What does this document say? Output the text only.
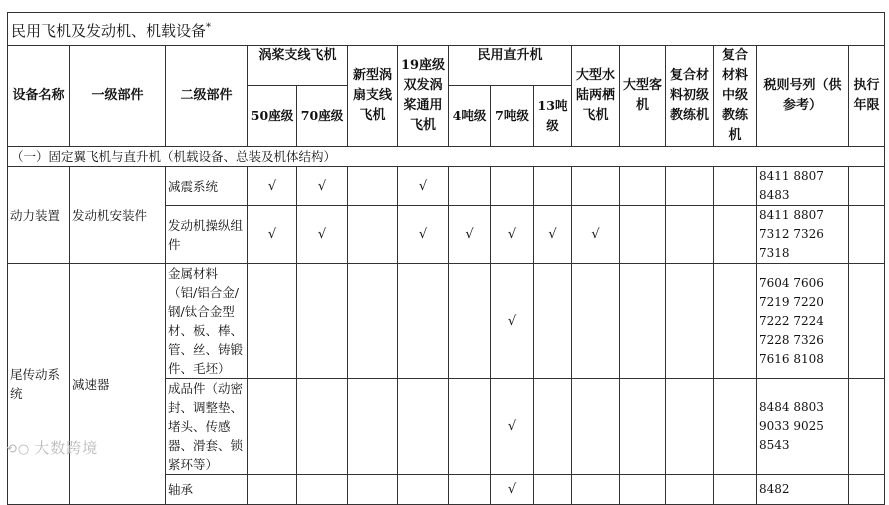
民用飞机及发动机、机载设备*
设备名称	一级部件	二级部件	涡桨支线飞机		新型涡扇支线飞机	19座级双发涡桨通用飞机	民用直升机			大型水陆两栖飞机	大型客机	复合材料初级教练机	复合材料中级教练机	税则号列（供参考）	执行年限
			50座级	70座级			4吨级	7吨级	13吨级						
（一）固定翼飞机与直升机（机载设备、总装及机体结构）															
动力装置	发动机安装件	减震系统	√	√		√								8411 8807 8483	
		发动机操纵组件	√	√		√	√	√	√	√				8411 8807 7312 7326 7318	
尾传动系统	减速器	金属材料（铝/铝合金/钢/钛合金型材、板、棒、管、丝、铸锻件、毛坯）						√						7604 7606 7219 7220 7222 7224 7228 7326 7616 8108	
		成品件（动密封、调整垫、堵头、传感器、滑套、锁紧环等）						√						8484 8803 9033 9025 8543	
		轴承						√						8482	
⟲○ 大数跨境
